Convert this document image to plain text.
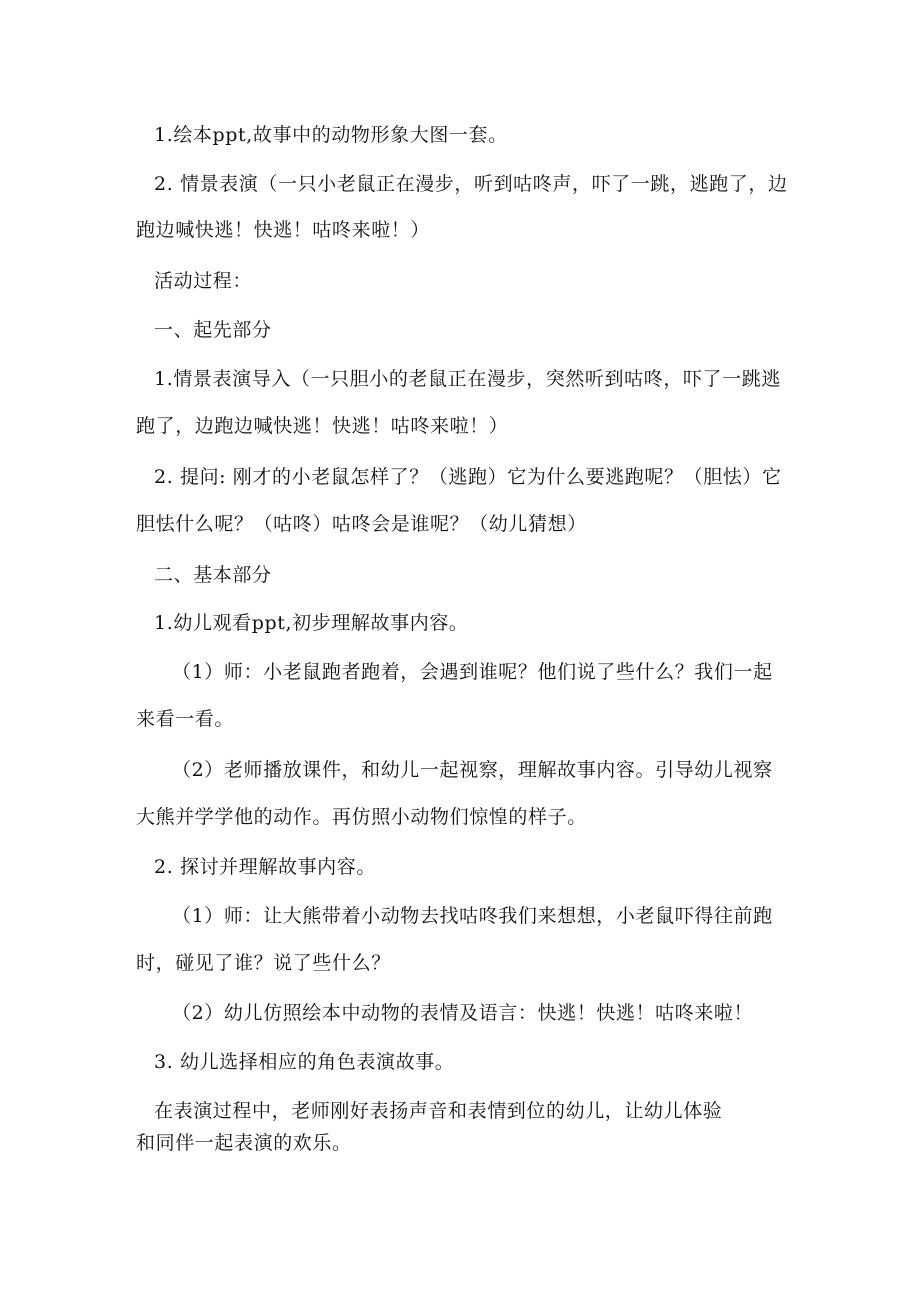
1.绘本ppt,故事中的动物形象大图一套。
2. 情景表演（一只小老鼠正在漫步，听到咕咚声，吓了一跳，逃跑了，边
跑边喊快逃！快逃！咕咚来啦！）
活动过程：
一、起先部分
1.情景表演导入（一只胆小的老鼠正在漫步，突然听到咕咚，吓了一跳逃
跑了，边跑边喊快逃！快逃！咕咚来啦！）
2. 提问: 刚才的小老鼠怎样了？（逃跑）它为什么要逃跑呢？（胆怯）它
胆怯什么呢？（咕咚）咕咚会是谁呢？（幼儿猜想）
二、基本部分
1.幼儿观看ppt,初步理解故事内容。
（1）师：小老鼠跑者跑着，会遇到谁呢？他们说了些什么？我们一起
来看一看。
（2）老师播放课件，和幼儿一起视察，理解故事内容。引导幼儿视察
大熊并学学他的动作。再仿照小动物们惊惶的样子。
2. 探讨并理解故事内容。
（1）师：让大熊带着小动物去找咕咚我们来想想，小老鼠吓得往前跑
时，碰见了谁？说了些什么？
（2）幼儿仿照绘本中动物的表情及语言：快逃！快逃！咕咚来啦！
3. 幼儿选择相应的角色表演故事。
在表演过程中，老师刚好表扬声音和表情到位的幼儿，让幼儿体验
和同伴一起表演的欢乐。
